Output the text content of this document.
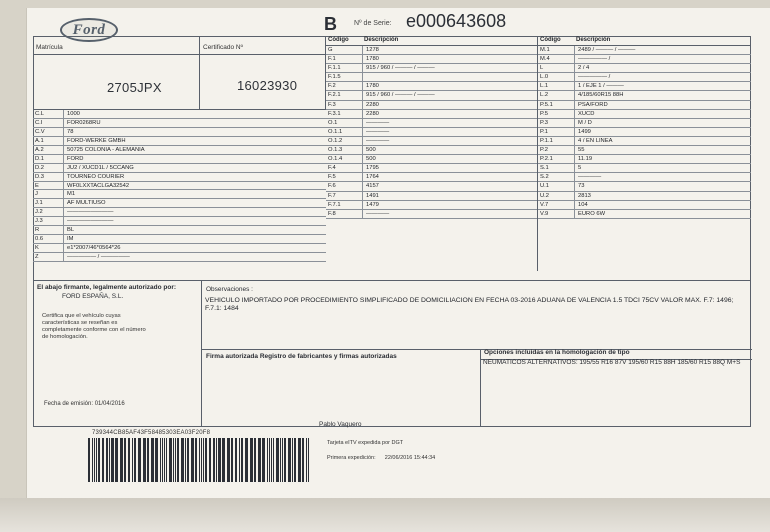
Ford	B Nº de Serie: e000643608
Matrícula	Certificado Nº
2705JPX	16023930
C.L	1000
C.I	FOR0268RU
C.V	78
A.1	FORD-WERKE GMBH
A.2	50725 COLONIA - ALEMANIA
D.1	FORD
D.2	JU2 / XUCD1L / 5CCANG
D.3	TOURNEO COURIER
E	WF0LXXTACLGA32542
J	M1
J.1	AF MULTIUSO
J.2	————————
J.3	————————
R	BL
0.6	IM
K	e1*2007/46*0564*26
Z	————— / —————
Código	Descripción
G	1278
F.1	1780
F.1.1	915 / 960 / ——— / ———
F.1.5
F.2	1780
F.2.1	915 / 960 / ——— / ———
F.3	2280
F.3.1	2280
O.1	————
O.1.1	————
O.1.2	————
O.1.3	500
O.1.4	500
F.4	1795
F.5	1764
F.6	4157
F.7	1491
F.7.1	1479
F.8	————
Código	Descripción
M.1	2489 / ——— / ———
M.4	————— /
L	2 / 4
L.0	————— /
L.1	1 / EJE 1 / ———
L.2	4/185/60R15 88H
P.5.1	PSA/FORD
P.5	XUCD
P.3	M / D
P.1	1499
P.1.1	4 / EN LINEA
P.2	55
P.2.1	11.19
S.1	5
S.2	————
U.1	73
U.2	2813
V.7	104
V.9	EURO 6W
El abajo firmante, legalmente autorizado por:
FORD ESPAÑA, S.L.
Certifica que el vehículo cuyas características se reseñan es completamente conforme con el número de homologación.
Fecha de emisión: 01/04/2016
Observaciones :
VEHICULO IMPORTADO POR PROCEDIMIENTO SIMPLIFICADO DE DOMICILIACION EN FECHA 03-2016 ADUANA DE VALENCIA 1.5 TDCI 75CV VALOR MAX. F.7: 1496; F.7.1: 1484
Firma autorizada Registro de fabricantes y firmas autorizadas
Opciones incluidas en la homologación de tipo
NEUMATICOS ALTERNATIVOS: 195/55 R16 87V 195/60 R15 88H 185/60 R15 88Q M+S
Pablo Vaquero
739344CB85AF43F58485303EA03F20F8
Tarjeta eITV expedida por DGT
Primera expedición: 22/06/2016 15:44:34
